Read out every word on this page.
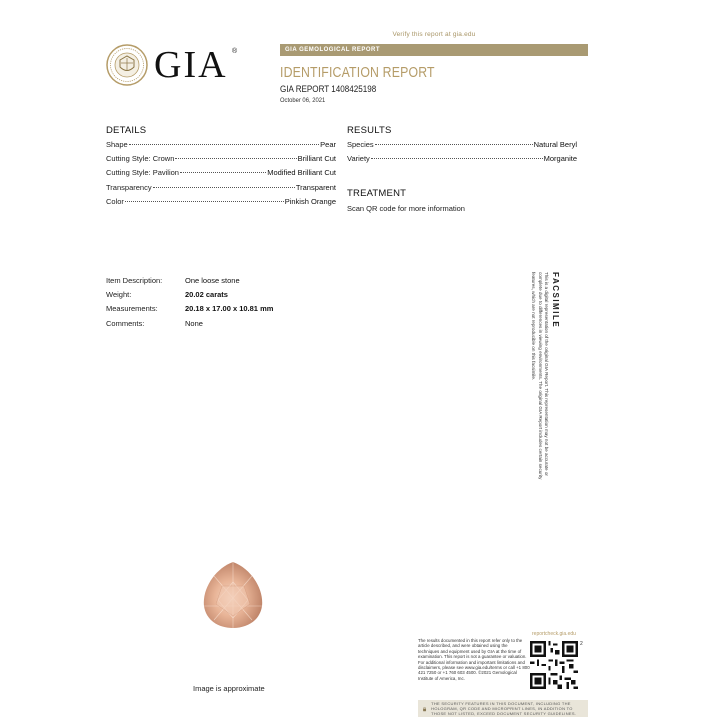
Verify this report at gia.edu
GIA ®	GIA GEMOLOGICAL REPORT
IDENTIFICATION REPORT
GIA REPORT 1408425198
October 06, 2021
DETAILS
Shape	Pear
Cutting Style: Crown	Brilliant Cut
Cutting Style: Pavilion	Modified Brilliant Cut
Transparency	Transparent
Color	Pinkish Orange
RESULTS
Species	Natural Beryl
Variety	Morganite
TREATMENT
Scan QR code for more information
Item Description:	One loose stone
Weight:	20.02 carats
Measurements:	20.18 x 17.00 x 10.81 mm
Comments:	None	FACSIMILE
This is a digital representation of the original GIA Report. This representation may not be accurate or complete due to differences in viewing environments. The original GIA Report includes certain security features, which are not reproducible on this facsimile.
Image is approximate
The results documented in this report refer only to the article described, and were obtained using the techniques and equipment used by GIA at the time of examination. This report is not a guarantee or valuation. For additional information and important limitations and disclaimers, please see www.gia.edu/terms or call +1 800 421 7250 or +1 760 603 4500. ©2021 Gemological Institute of America, Inc.
reportcheck.gia.edu
2
THE SECURITY FEATURES IN THIS DOCUMENT, INCLUDING THE HOLOGRAM, QR CODE AND MICROPRINT LINES, IN ADDITION TO THOSE NOT LISTED, EXCEED DOCUMENT SECURITY GUIDELINES.
